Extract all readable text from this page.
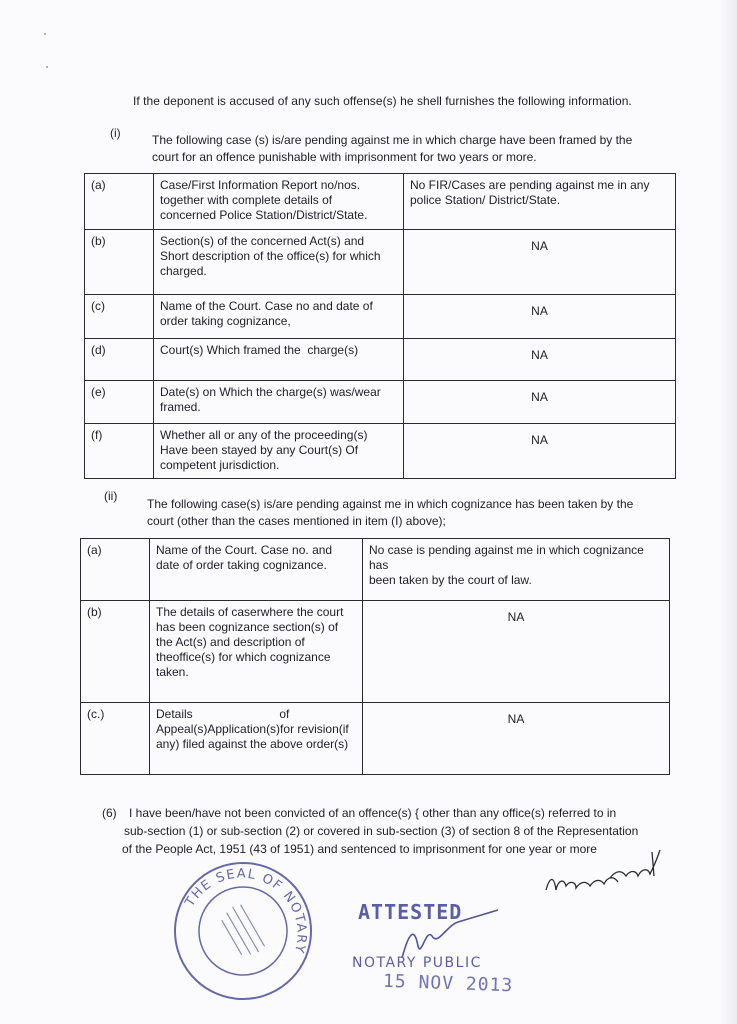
If the deponent is accused of any such offense(s) he shell furnishes the following information.
(i)	The following case (s) is/are pending against me in which charge have been framed by the
court for an offence punishable with imprisonment for two years or more.
(a)	Case/First Information Report no/nos.
together with complete details of
concerned Police Station/District/State.	No FIR/Cases are pending against me in any
police Station/ District/State.

(b)	Section(s) of the concerned Act(s) and
Short description of the office(s) for which
charged.	NA

(c)	Name of the Court. Case no and date of
order taking cognizance,	NA

(d)	Court(s) Which framed the  charge(s)	NA

(e)	Date(s) on Which the charge(s) was/wear
framed.	NA

(f)	Whether all or any of the proceeding(s)
Have been stayed by any Court(s) Of
competent jurisdiction.	NA
(ii)
The following case(s) is/are pending against me in which cognizance has been taken by the
court (other than the cases mentioned in item (I) above);
(a)	Name of the Court. Case no. and
date of order taking cognizance.	No case is pending against me in which cognizance has
been taken by the court of law.

(b)	The details of caserwhere the court
has been cognizance section(s) of
the Act(s) and description of
theoffice(s) for which cognizance
taken.	NA

(c.)	Details                          of
Appeal(s)Application(s)for revision(if
any) filed against the above order(s)	NA
(6)	I have been/have not been convicted of an offence(s) { other than any office(s) referred to in
sub-section (1) or sub-section (2) or covered in sub-section (3) of section 8 of the Representation
of the People Act, 1951 (43 of 1951) and sentenced to imprisonment for one year or more
THE SEAL OF NOTARY
ATTESTED
NOTARY PUBLIC
15 NOV 2013
